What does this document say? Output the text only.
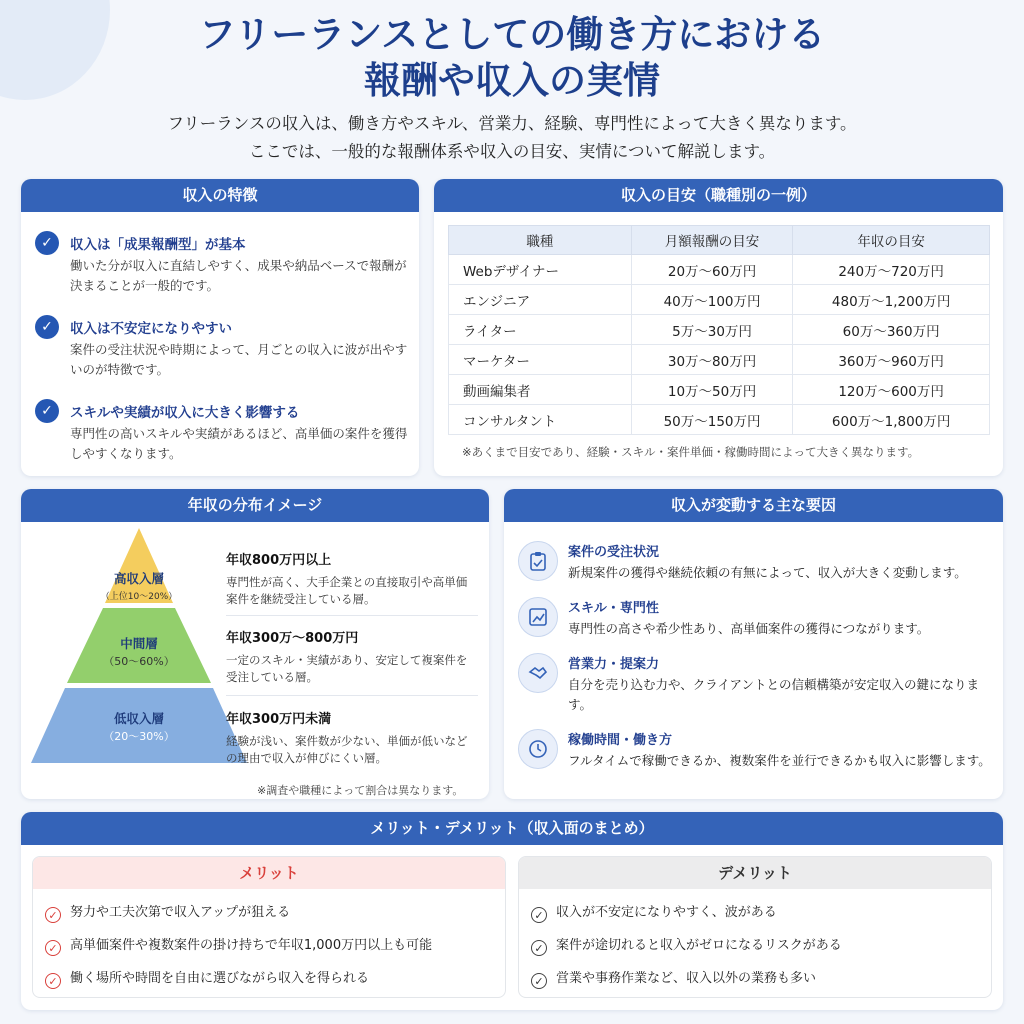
フリーランスとしての働き方における
報酬や収入の実情
フリーランスの収入は、働き方やスキル、営業力、経験、専門性によって大きく異なります。
ここでは、一般的な報酬体系や収入の目安、実情について解説します。
収入の特徴
✓	収入は「成果報酬型」が基本
働いた分が収入に直結しやすく、成果や納品ベースで報酬が決まることが一般的です。
✓	収入は不安定になりやすい
案件の受注状況や時期によって、月ごとの収入に波が出やすいのが特徴です。
✓	スキルや実績が収入に大きく影響する
専門性の高いスキルや実績があるほど、高単価の案件を獲得しやすくなります。
収入の目安（職種別の一例）
職種	月額報酬の目安	年収の目安
Webデザイナー	20万〜60万円	240万〜720万円
エンジニア	40万〜100万円	480万〜1,200万円
ライター	5万〜30万円	60万〜360万円
マーケター	30万〜80万円	360万〜960万円
動画編集者	10万〜50万円	120万〜600万円
コンサルタント	50万〜150万円	600万〜1,800万円
※あくまで目安であり、経験・スキル・案件単価・稼働時間によって大きく異なります。
年収の分布イメージ
高収入層
（上位10〜20%）
中間層
（50〜60%）
低収入層
（20〜30%）
年収800万円以上
専門性が高く、大手企業との直接取引や高単価案件を継続受注している層。
年収300万〜800万円
一定のスキル・実績があり、安定して複案件を受注している層。
年収300万円未満
経験が浅い、案件数が少ない、単価が低いなどの理由で収入が伸びにくい層。
※調査や職種によって割合は異なります。
収入が変動する主な要因
案件の受注状況
新規案件の獲得や継続依頼の有無によって、収入が大きく変動します。
スキル・専門性
専門性の高さや希少性あり、高単価案件の獲得につながります。
営業力・提案力
自分を売り込む力や、クライアントとの信頼構築が安定収入の鍵になります。
稼働時間・働き方
フルタイムで稼働できるか、複数案件を並行できるかも収入に影響します。
メリット・デメリット（収入面のまとめ）
メリット
✓ 努力や工夫次第で収入アップが狙える
✓ 高単価案件や複数案件の掛け持ちで年収1,000万円以上も可能
✓ 働く場所や時間を自由に選びながら収入を得られる
デメリット
✓ 収入が不安定になりやすく、波がある
✓ 案件が途切れると収入がゼロになるリスクがある
✓ 営業や事務作業など、収入以外の業務も多い
